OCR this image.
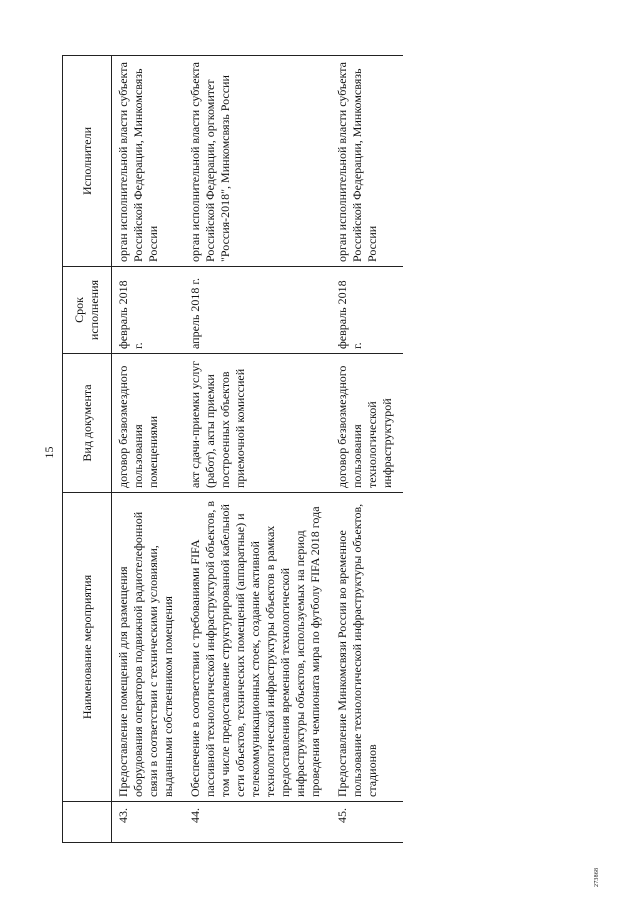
15
	Наименование мероприятия	Вид документа	Срок исполнения	Исполнители
43.	Предоставление помещений для размещения оборудования операторов подвижной радиотелефонной связи в соответствии с техническими условиями, выданными собственником помещения	договор безвозмездного пользования помещениями	февраль 2018 г.	орган исполнительной власти субъекта Российской Федерации, Минкомсвязь России
44.	Обеспечение в соответствии с требованиями FIFA пассивной технологической инфраструктурой объектов, в том числе предоставление структурированной кабельной сети объектов, технических помещений (аппаратные) и телекоммуникационных стоек, создание активной технологической инфраструктуры объектов в рамках предоставления временной технологической инфраструктуры объектов, используемых на период проведения чемпионата мира по футболу FIFA 2018 года	акт сдачи-приемки услуг (работ), акты приемки построенных объектов приемочной комиссией	апрель 2018 г.	орган исполнительной власти субъекта Российской Федерации, оргкомитет "Россия-2018", Минкомсвязь России
45.	Предоставление Минкомсвязи России во временное пользование технологической инфраструктуры объектов, стадионов	договор безвозмездного пользования технологической инфраструктурой	февраль 2018 г.	орган исполнительной власти субъекта Российской Федерации, Минкомсвязь России
273868
